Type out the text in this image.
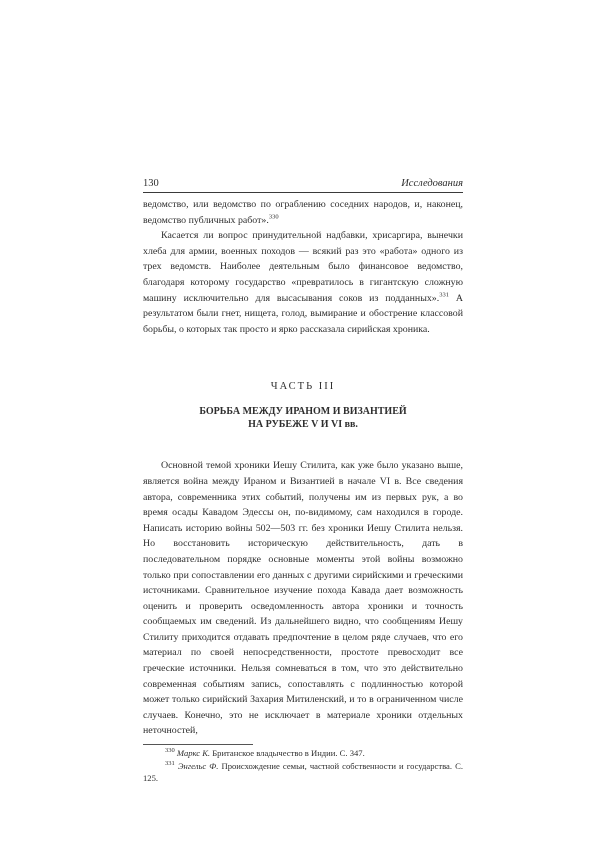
130	Исследования

ведомство, или ведомство по ограблению соседних народов, и, наконец, ведомство публичных работ».$^{330}$

Касается ли вопрос принудительной надбавки, хрисаргира, вынечки хлеба для армии, военных походов — всякий раз это «работа» одного из трех ведомств. Наиболее деятельным было финансовое ведомство, благодаря которому государство «превратилось в гигантскую сложную машину исключительно для высасывания соков из подданных».$^{331}$ А результатом были гнет, нищета, голод, вымирание и обострение классовой борьбы, о которых так просто и ярко рассказала сирийская хроника.

ЧАСТЬ III
БОРЬБА МЕЖДУ ИРАНОМ И ВИЗАНТИЕЙ
НА РУБЕЖЕ V И VI вв.

Основной темой хроники Иешу Стилита, как уже было указано выше, является война между Ираном и Византией в начале VI в. Все сведения автора, современника этих событий, получены им из первых рук, а во время осады Кавадом Эдессы он, по-видимому, сам находился в городе. Написать историю войны 502—503 гг. без хроники Иешу Стилита нельзя. Но восстановить историческую действительность, дать в последовательном порядке основные моменты этой войны возможно только при сопоставлении его данных с другими сирийскими и греческими источниками. Сравнительное изучение похода Кавада дает возможность оценить и проверить осведомленность автора хроники и точность сообщаемых им сведений. Из дальнейшего видно, что сообщениям Иешу Стилиту приходится отдавать предпочтение в целом ряде случаев, что его материал по своей непосредственности, простоте превосходит все греческие источники. Нельзя сомневаться в том, что это действительно современная событиям запись, сопоставлять с подлинностью которой может только сирийский Захария Митиленский, и то в ограниченном числе случаев. Конечно, это не исключает в материале хроники отдельных неточностей,

$^{330}$ Маркс К. Британское владычество в Индии. С. 347.

$^{331}$ Энгельс Ф. Происхождение семьи, частной собственности и государства. С. 125.
